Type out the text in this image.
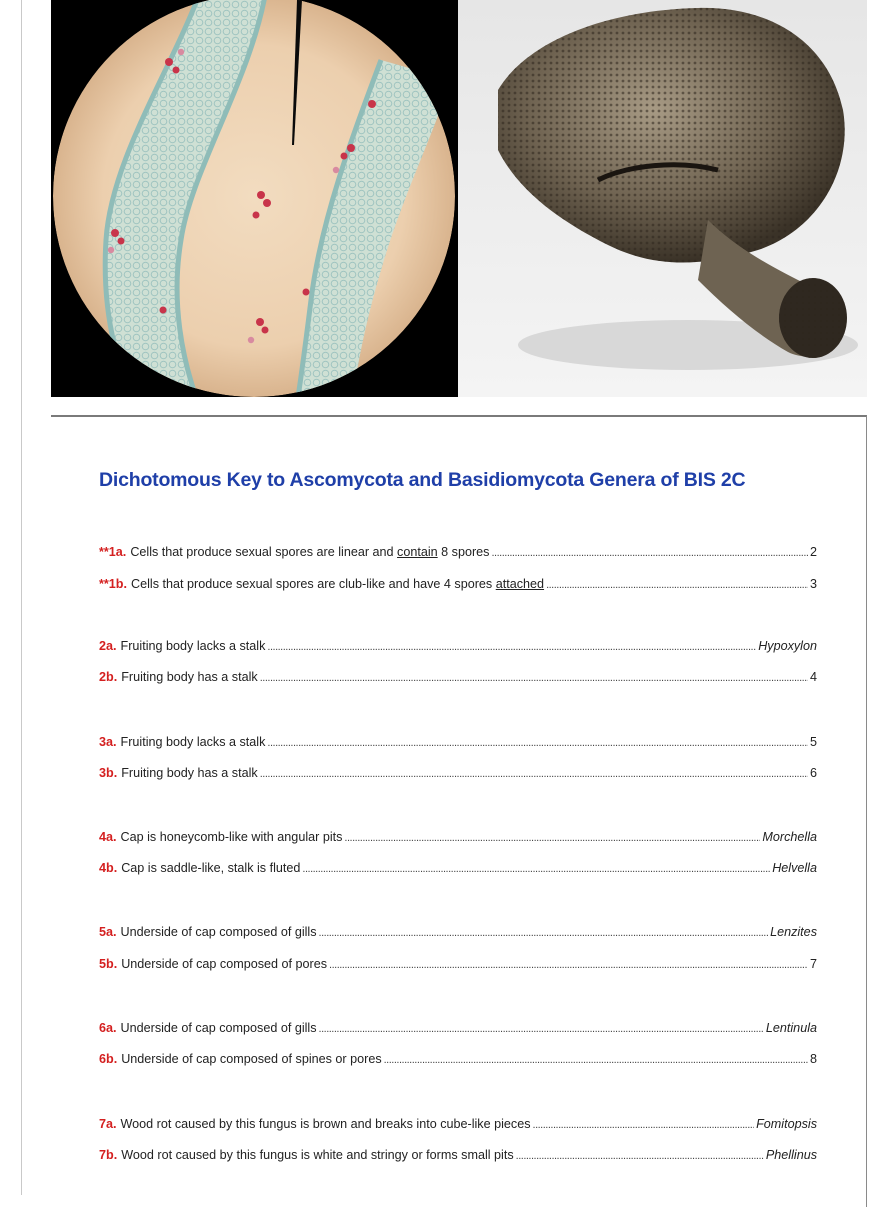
Dichotomous Key to Ascomycota and Basidiomycota Genera of BIS 2C
**1a. Cells that produce sexual spores are linear and contain 8 spores .....	2
**1b. Cells that produce sexual spores are club-like and have 4 spores attached .....	3
2a. Fruiting body lacks a stalk .....	Hypoxylon
2b. Fruiting body has a stalk .....	4
3a. Fruiting body lacks a stalk .....	5
3b. Fruiting body has a stalk .....	6
4a. Cap is honeycomb-like with angular pits .....	Morchella
4b. Cap is saddle-like, stalk is fluted .....	Helvella
5a. Underside of cap composed of gills .....	Lenzites
5b. Underside of cap composed of pores .....	7
6a. Underside of cap composed of gills .....	Lentinula
6b. Underside of cap composed of spines or pores .....	8
7a. Wood rot caused by this fungus is brown and breaks into cube-like pieces .....	Fomitopsis
7b. Wood rot caused by this fungus is white and stringy or forms small pits .....	Phellinus
